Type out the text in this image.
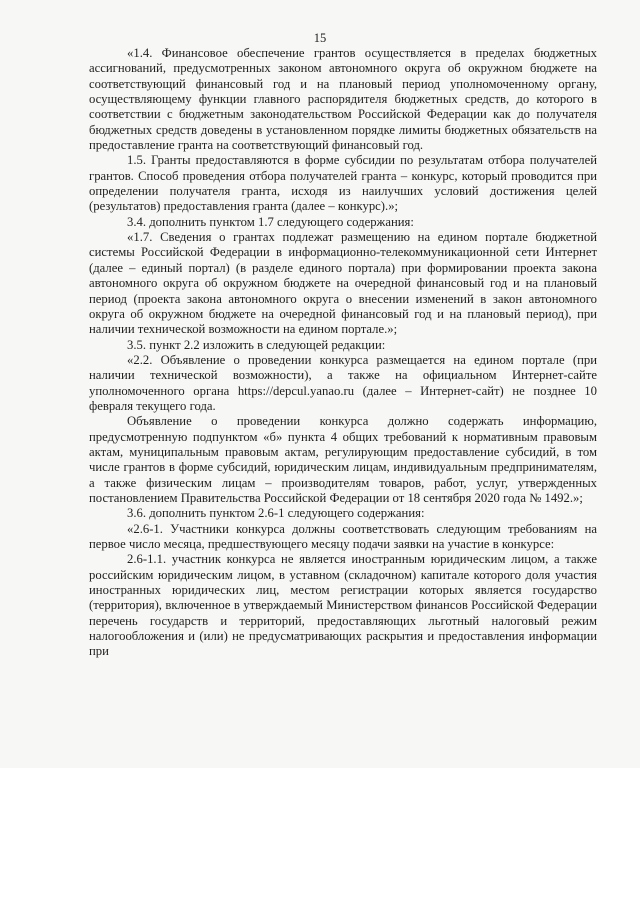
15

«1.4. Финансовое обеспечение грантов осуществляется в пределах бюджетных ассигнований, предусмотренных законом автономного округа об окружном бюджете на соответствующий финансовый год и на плановый период уполномоченному органу, осуществляющему функции главного распорядителя бюджетных средств, до которого в соответствии с бюджетным законодательством Российской Федерации как до получателя бюджетных средств доведены в установленном порядке лимиты бюджетных обязательств на предоставление гранта на соответствующий финансовый год.

1.5. Гранты предоставляются в форме субсидии по результатам отбора получателей грантов. Способ проведения отбора получателей гранта – конкурс, который проводится при определении получателя гранта, исходя из наилучших условий достижения целей (результатов) предоставления гранта (далее – конкурс).»;

3.4. дополнить пунктом 1.7 следующего содержания:

«1.7. Сведения о грантах подлежат размещению на едином портале бюджетной системы Российской Федерации в информационно-телекоммуникационной сети Интернет (далее – единый портал) (в разделе единого портала) при формировании проекта закона автономного округа об окружном бюджете на очередной финансовый год и на плановый период (проекта закона автономного округа о внесении изменений в закон автономного округа об окружном бюджете на очередной финансовый год и на плановый период), при наличии технической возможности на едином портале.»;

3.5. пункт 2.2 изложить в следующей редакции:

«2.2. Объявление о проведении конкурса размещается на едином портале (при наличии технической возможности), а также на официальном Интернет-сайте уполномоченного органа https://depcul.yanao.ru (далее – Интернет-сайт) не позднее 10 февраля текущего года.

Объявление о проведении конкурса должно содержать информацию, предусмотренную подпунктом «б» пункта 4 общих требований к нормативным правовым актам, муниципальным правовым актам, регулирующим предоставление субсидий, в том числе грантов в форме субсидий, юридическим лицам, индивидуальным предпринимателям, а также физическим лицам – производителям товаров, работ, услуг, утвержденных постановлением Правительства Российской Федерации от 18 сентября 2020 года № 1492.»;

3.6. дополнить пунктом 2.6-1 следующего содержания:

«2.6-1. Участники конкурса должны соответствовать следующим требованиям на первое число месяца, предшествующего месяцу подачи заявки на участие в конкурсе:

2.6-1.1. участник конкурса не является иностранным юридическим лицом, а также российским юридическим лицом, в уставном (складочном) капитале которого доля участия иностранных юридических лиц, местом регистрации которых является государство (территория), включенное в утверждаемый Министерством финансов Российской Федерации перечень государств и территорий, предоставляющих льготный налоговый режим налогообложения и (или) не предусматривающих раскрытия и предоставления информации при
